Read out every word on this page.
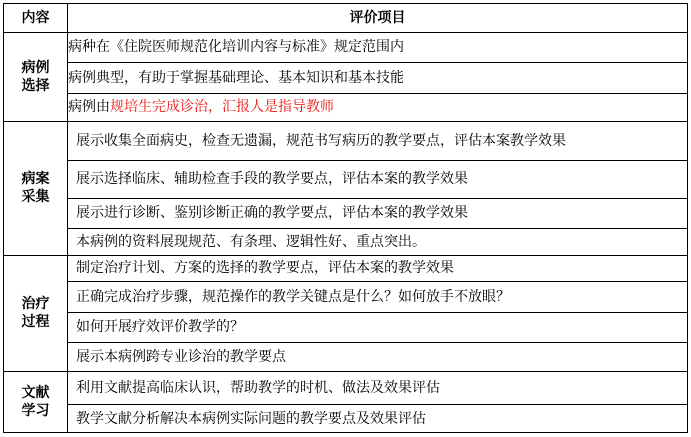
内容	评价项目

病例
选择	病种在《住院医师规范化培训内容与标准》规定范围内
	病例典型，有助于掌握基础理论、基本知识和基本技能
	病例由规培生完成诊治，汇报人是指导教师

病案
采集	展示收集全面病史，检查无遗漏，规范书写病历的教学要点，评估本案教学效果
	展示选择临床、辅助检查手段的教学要点，评估本案的教学效果
	展示进行诊断、鉴别诊断正确的教学要点，评估本案的教学效果
	本病例的资料展现规范、有条理、逻辑性好、重点突出。

治疗
过程	制定治疗计划、方案的选择的教学要点，评估本案的教学效果
	正确完成治疗步骤，规范操作的教学关键点是什么？如何放手不放眼？
	如何开展疗效评价教学的？
	展示本病例跨专业诊治的教学要点

文献
学习	利用文献提高临床认识，帮助教学的时机、做法及效果评估
	教学文献分析解决本病例实际问题的教学要点及效果评估
